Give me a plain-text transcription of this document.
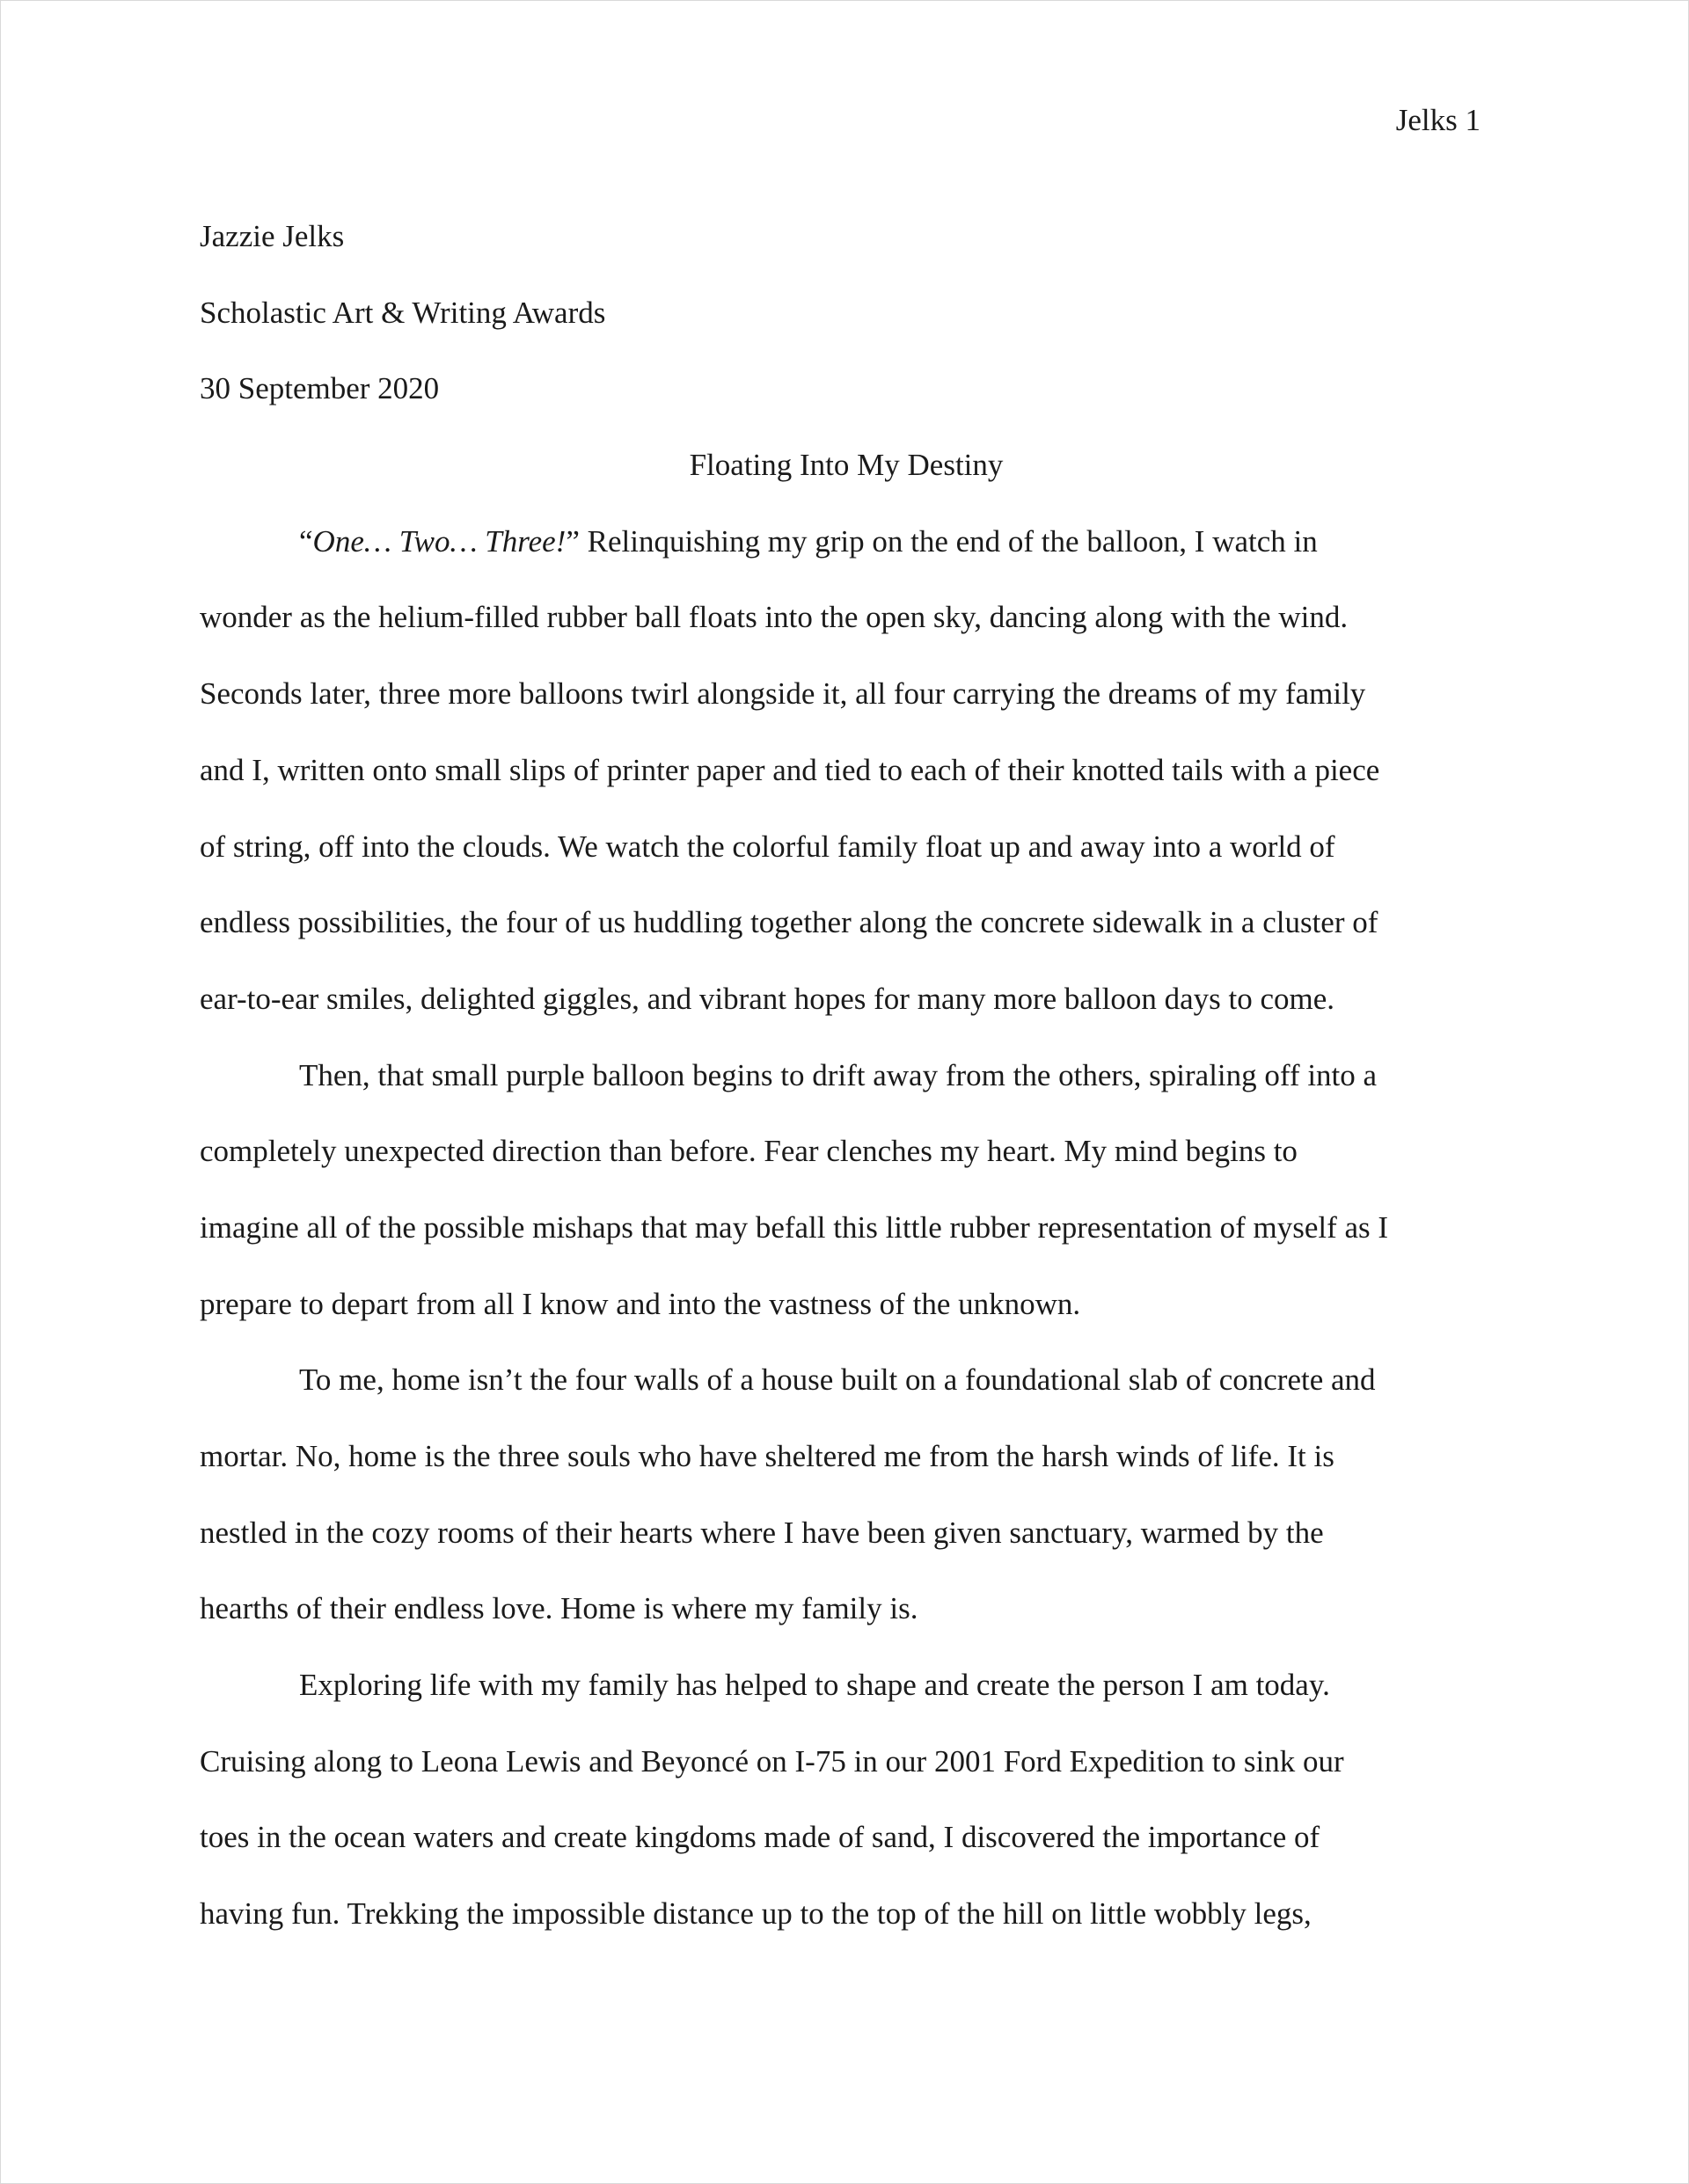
Jelks 1

Jazzie Jelks

Scholastic Art & Writing Awards

30 September 2020

Floating Into My Destiny

“One… Two… Three!” Relinquishing my grip on the end of the balloon, I watch in

wonder as the helium-filled rubber ball floats into the open sky, dancing along with the wind.

Seconds later, three more balloons twirl alongside it, all four carrying the dreams of my family

and I, written onto small slips of printer paper and tied to each of their knotted tails with a piece

of string, off into the clouds. We watch the colorful family float up and away into a world of

endless possibilities, the four of us huddling together along the concrete sidewalk in a cluster of

ear-to-ear smiles, delighted giggles, and vibrant hopes for many more balloon days to come.

Then, that small purple balloon begins to drift away from the others, spiraling off into a

completely unexpected direction than before. Fear clenches my heart. My mind begins to

imagine all of the possible mishaps that may befall this little rubber representation of myself as I

prepare to depart from all I know and into the vastness of the unknown.

To me, home isn’t the four walls of a house built on a foundational slab of concrete and

mortar. No, home is the three souls who have sheltered me from the harsh winds of life. It is

nestled in the cozy rooms of their hearts where I have been given sanctuary, warmed by the

hearths of their endless love. Home is where my family is.

Exploring life with my family has helped to shape and create the person I am today.

Cruising along to Leona Lewis and Beyoncé on I-75 in our 2001 Ford Expedition to sink our

toes in the ocean waters and create kingdoms made of sand, I discovered the importance of

having fun. Trekking the impossible distance up to the top of the hill on little wobbly legs,
